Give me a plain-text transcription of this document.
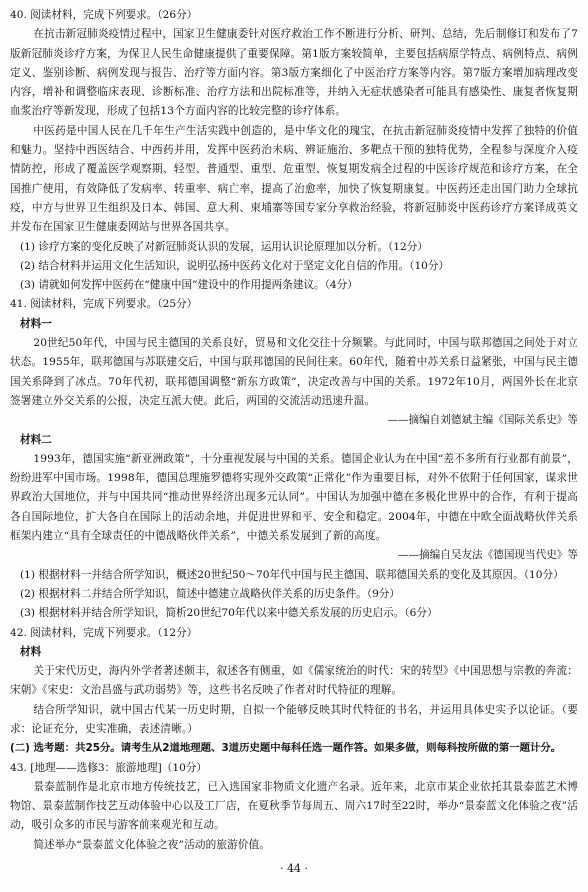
40. 阅读材料，完成下列要求。（26分）

在抗击新冠肺炎疫情过程中，国家卫生健康委针对医疗救治工作不断进行分析、研判、总结，先后制修订和发布了7版新冠肺炎诊疗方案，为保卫人民生命健康提供了重要保障。第1版方案较简单，主要包括病原学特点、病例特点、病例定义、鉴别诊断、病例发现与报告、治疗等方面内容。第3版方案细化了中医治疗方案等内容。第7版方案增加病理改变内容，增补和调整临床表现、诊断标准、治疗方法和出院标准等，并纳入无症状感染者可能具有感染性、康复者恢复期血浆治疗等新发现，形成了包括13个方面内容的比较完整的诊疗体系。

中医药是中国人民在几千年生产生活实践中创造的，是中华文化的瑰宝，在抗击新冠肺炎疫情中发挥了独特的价值和魅力。坚持中西医结合、中西药并用，发挥中医药治未病、辨证施治、多靶点干预的独特优势，全程参与深度介入疫情防控，形成了覆盖医学观察期、轻型、普通型、重型、危重型、恢复期发病全过程的中医诊疗规范和诊疗方案，在全国推广使用，有效降低了发病率、转重率、病亡率，提高了治愈率，加快了恢复期康复。中医药还走出国门助力全球抗疫，中方与世界卫生组织及日本、韩国、意大利、柬埔寨等国专家分享救治经验，将新冠肺炎中医药诊疗方案译成英文并发布在国家卫生健康委网站与世界各国共享。

(1) 诊疗方案的变化反映了对新冠肺炎认识的发展，运用认识论原理加以分析。（12分）

(2) 结合材料并运用文化生活知识，说明弘扬中医药文化对于坚定文化自信的作用。（10分）

(3) 请就如何发挥中医药在“健康中国”建设中的作用提两条建议。（4分）

41. 阅读材料，完成下列要求。（25分）

材料一

20世纪50年代，中国与民主德国的关系良好，贸易和文化交往十分频繁。与此同时，中国与联邦德国之间处于对立状态。1955年，联邦德国与苏联建交后，中国与联邦德国的民间往来。60年代，随着中苏关系日益紧张，中国与民主德国关系降到了冰点。70年代初，联邦德国调整“新东方政策”，决定改善与中国的关系。1972年10月，两国外长在北京签署建立外交关系的公报，决定互派大使。此后，两国的交流活动迅速升温。

——摘编自刘德斌主编《国际关系史》等

材料二

1993年，德国实施“新亚洲政策”，十分重视发展与中国的关系。德国企业认为在中国“差不多所有行业都有前景”，纷纷进军中国市场。1998年，德国总理施罗德将实现外交政策“正常化”作为重要目标，对外不依附于任何国家，谋求世界政治大国地位，并与中国共同“推动世界经济出现多元认同”。中国认为加强中德在多极化世界中的合作，有利于提高各自国际地位，扩大各自在国际上的活动余地，并促进世界和平、安全和稳定。2004年，中德在中欧全面战略伙伴关系框架内建立“具有全球责任的中德战略伙伴关系”，中德关系发展到了新的高度。

——摘编自吴友法《德国现当代史》等

(1) 根据材料一并结合所学知识，概述20世纪50～70年代中国与民主德国、联邦德国关系的变化及其原因。（10分）

(2) 根据材料二并结合所学知识，简述中德建立战略伙伴关系的历史条件。（9分）

(3) 根据材料并结合所学知识，简析20世纪70年代以来中德关系发展的历史启示。（6分）

42. 阅读材料，完成下列要求。（12分）

材料

关于宋代历史，海内外学者著述颇丰，叙述各有侧重，如《儒家统治的时代：宋的转型》《中国思想与宗教的奔流：宋朝》《宋史：文治昌盛与武功弱势》等，这些书名反映了作者对时代特征的理解。

结合所学知识，就中国古代某一历史时期，自拟一个能够反映其时代特征的书名，并运用具体史实予以论证。（要求：论证充分，史实准确，表述清晰。）

(二) 选考题：共25分。请考生从2道地理题、3道历史题中每科任选一题作答。如果多做，则每科按所做的第一题计分。

43. [地理——选修3：旅游地理]（10分）

景泰蓝制作是北京市地方传统技艺，已入选国家非物质文化遗产名录。近年来，北京市某企业依托其景泰蓝艺术博物馆、景泰蓝制作技艺互动体验中心以及工厂店，在夏秋季节每周五、周六17时至22时，举办“景泰蓝文化体验之夜”活动，吸引众多的市民与游客前来观光和互动。

简述举办“景泰蓝文化体验之夜”活动的旅游价值。

· 44 ·
